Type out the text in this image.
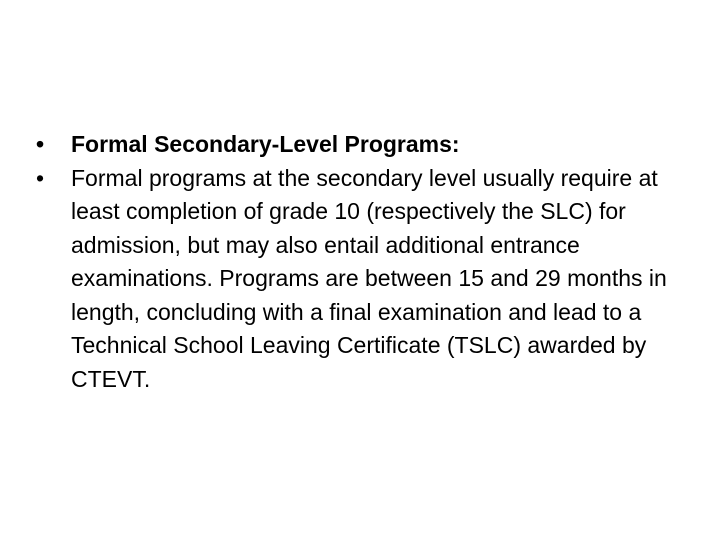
•	Formal Secondary-Level Programs:

•	Formal programs at the secondary level usually require at least completion of grade 10 (respectively the SLC) for admission, but may also entail additional entrance examinations. Programs are between 15 and 29 months in length, concluding with a final examination and lead to a Technical School Leaving Certificate (TSLC) awarded by CTEVT.
